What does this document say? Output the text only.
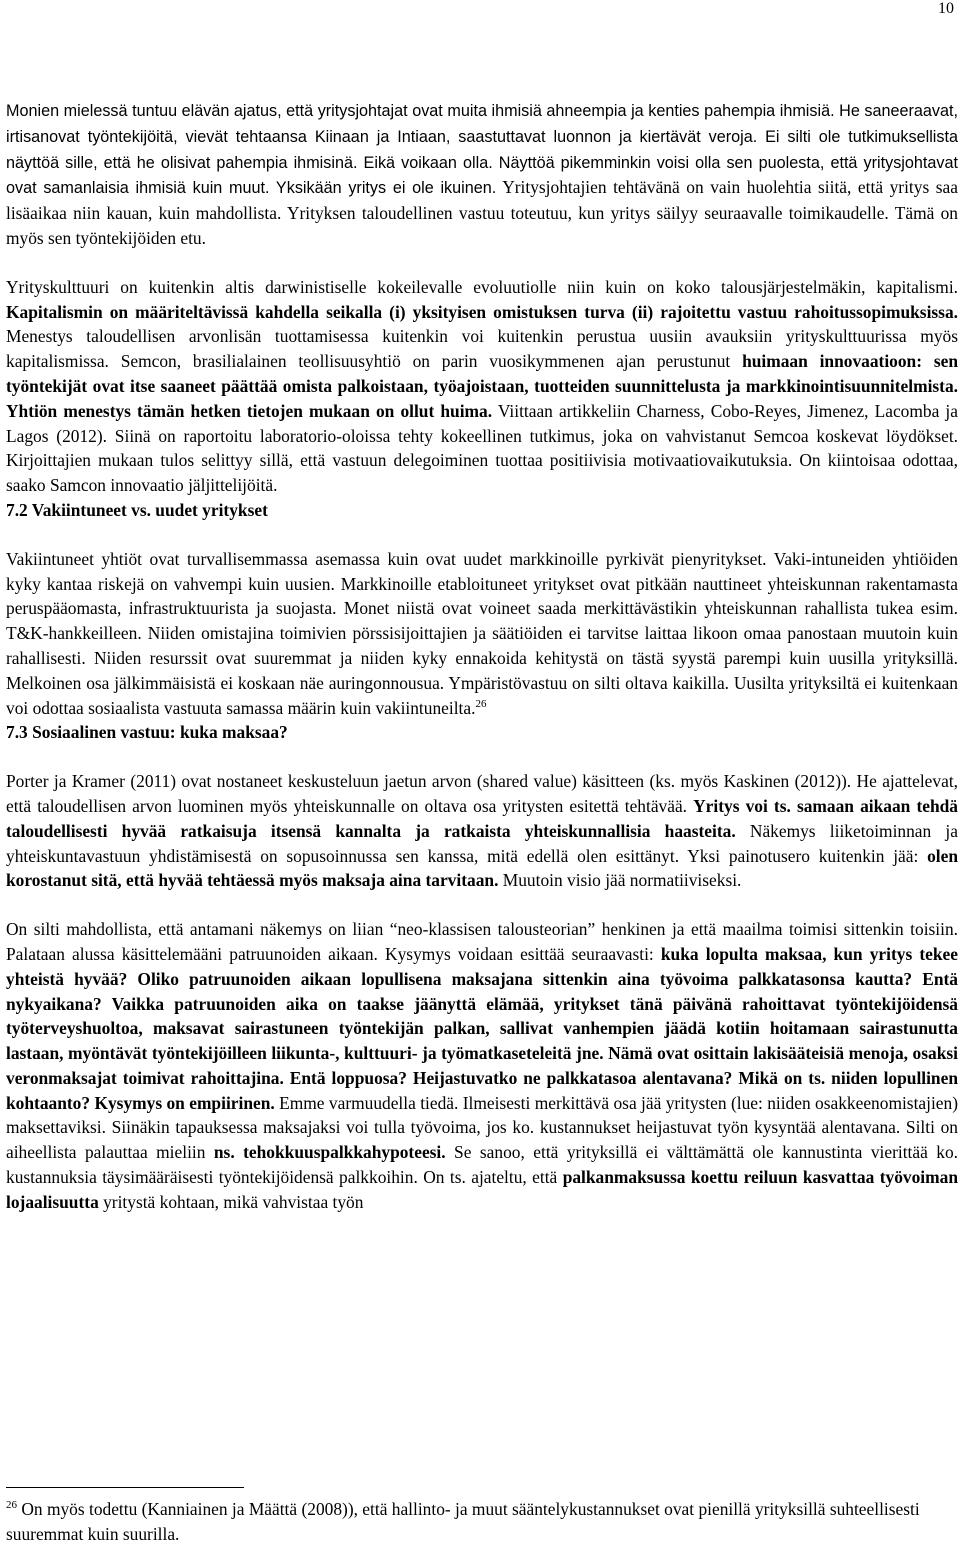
10

Monien mielessä tuntuu elävän ajatus, että yritysjohtajat ovat muita ihmisiä ahneempia ja kenties pahempia ihmisiä. He saneeraavat, irtisanovat työntekijöitä, vievät tehtaansa Kiinaan ja Intiaan, saastuttavat luonnon ja kiertävät veroja. Ei silti ole tutkimuksellista näyttöä sille, että he olisivat pahempia ihmisinä. Eikä voikaan olla. Näyttöä pikemminkin voisi olla sen puolesta, että yritysjohtavat ovat samanlaisia ihmisiä kuin muut. Yksikään yritys ei ole ikuinen. Yritysjohtajien tehtävänä on vain huolehtia siitä, että yritys saa lisäaikaa niin kauan, kuin mahdollista. Yrityksen taloudellinen vastuu toteutuu, kun yritys säilyy seuraavalle toimikaudelle. Tämä on myös sen työntekijöiden etu.

Yrityskulttuuri on kuitenkin altis darwinistiselle kokeilevalle evoluutiolle niin kuin on koko talousjärjestelmäkin, kapitalismi. Kapitalismin on määriteltävissä kahdella seikalla (i) yksityisen omistuksen turva (ii) rajoitettu vastuu rahoitussopimuksissa. Menestys taloudellisen arvonlisän tuottamisessa kuitenkin voi kuitenkin perustua uusiin avauksiin yrityskulttuurissa myös kapitalismissa. Semcon, brasilialainen teollisuusyhtiö on parin vuosikymmenen ajan perustunut huimaan innovaatioon: sen työntekijät ovat itse saaneet päättää omista palkoistaan, työajoistaan, tuotteiden suunnittelusta ja markkinointisuunnitelmista. Yhtiön menestys tämän hetken tietojen mukaan on ollut huima. Viittaan artikkeliin Charness, Cobo-Reyes, Jimenez, Lacomba ja Lagos (2012). Siinä on raportoitu laboratorio-oloissa tehty kokeellinen tutkimus, joka on vahvistanut Semcoa koskevat löydökset. Kirjoittajien mukaan tulos selittyy sillä, että vastuun delegoiminen tuottaa positiivisia motivaatiovaikutuksia. On kiintoisaa odottaa, saako Samcon innovaatio jäljittelijöitä.

7.2 Vakiintuneet vs. uudet yritykset

Vakiintuneet yhtiöt ovat turvallisemmassa asemassa kuin ovat uudet markkinoille pyrkivät pienyritykset. Vaki-intuneiden yhtiöiden kyky kantaa riskejä on vahvempi kuin uusien. Markkinoille etabloituneet yritykset ovat pitkään nauttineet yhteiskunnan rakentamasta peruspääomasta, infrastruktuurista ja suojasta. Monet niistä ovat voineet saada merkittävästikin yhteiskunnan rahallista tukea esim. T&K-hankkeilleen. Niiden omistajina toimivien pörssisijoittajien ja säätiöiden ei tarvitse laittaa likoon omaa panostaan muutoin kuin rahallisesti. Niiden resurssit ovat suuremmat ja niiden kyky ennakoida kehitystä on tästä syystä parempi kuin uusilla yrityksillä. Melkoinen osa jälkimmäisistä ei koskaan näe auringonnousua. Ympäristövastuu on silti oltava kaikilla. Uusilta yrityksiltä ei kuitenkaan voi odottaa sosiaalista vastuuta samassa määrin kuin vakiintuneilta.$^{26}$

7.3 Sosiaalinen vastuu: kuka maksaa?

Porter ja Kramer (2011) ovat nostaneet keskusteluun jaetun arvon (shared value) käsitteen (ks. myös Kaskinen (2012)). He ajattelevat, että taloudellisen arvon luominen myös yhteiskunnalle on oltava osa yritysten esitettä tehtävää. Yritys voi ts. samaan aikaan tehdä taloudellisesti hyvää ratkaisuja itsensä kannalta ja ratkaista yhteiskunnallisia haasteita. Näkemys liiketoiminnan ja yhteiskuntavastuun yhdistämisestä on sopusoinnussa sen kanssa, mitä edellä olen esittänyt. Yksi painotusero kuitenkin jää: olen korostanut sitä, että hyvää tehtäessä myös maksaja aina tarvitaan. Muutoin visio jää normatiiviseksi.

On silti mahdollista, että antamani näkemys on liian “neo-klassisen talousteorian” henkinen ja että maailma toimisi sittenkin toisiin. Palataan alussa käsittelemääni patruunoiden aikaan. Kysymys voidaan esittää seuraavasti: kuka lopulta maksaa, kun yritys tekee yhteistä hyvää? Oliko patruunoiden aikaan lopullisena maksajana sittenkin aina työvoima palkkatasonsa kautta? Entä nykyaikana? Vaikka patruunoiden aika on taakse jäänyttä elämää, yritykset tänä päivänä rahoittavat työntekijöidensä työterveyshuoltoa, maksavat sairastuneen työntekijän palkan, sallivat vanhempien jäädä kotiin hoitamaan sairastunutta lastaan, myöntävät työntekijöilleen liikunta-, kulttuuri- ja työmatkaseteleitä jne. Nämä ovat osittain lakisääteisiä menoja, osaksi veronmaksajat toimivat rahoittajina. Entä loppuosa? Heijastuvatko ne palkkatasoa alentavana? Mikä on ts. niiden lopullinen kohtaanto? Kysymys on empiirinen. Emme varmuudella tiedä. Ilmeisesti merkittävä osa jää yritysten (lue: niiden osakkeenomistajien) maksettaviksi. Siinäkin tapauksessa maksajaksi voi tulla työvoima, jos ko. kustannukset heijastuvat työn kysyntää alentavana. Silti on aiheellista palauttaa mieliin ns. tehokkuuspalkkahypoteesi. Se sanoo, että yrityksillä ei välttämättä ole kannustinta vierittää ko. kustannuksia täysimääräisesti työntekijöidensä palkkoihin. On ts. ajateltu, että palkanmaksussa koettu reiluun kasvattaa työvoiman lojaalisuutta yritystä kohtaan, mikä vahvistaa työn

$^{26}$ On myös todettu (Kanniainen ja Määttä (2008)), että hallinto- ja muut sääntelykustannukset ovat pienillä yrityksillä suhteellisesti suuremmat kuin suurilla.
